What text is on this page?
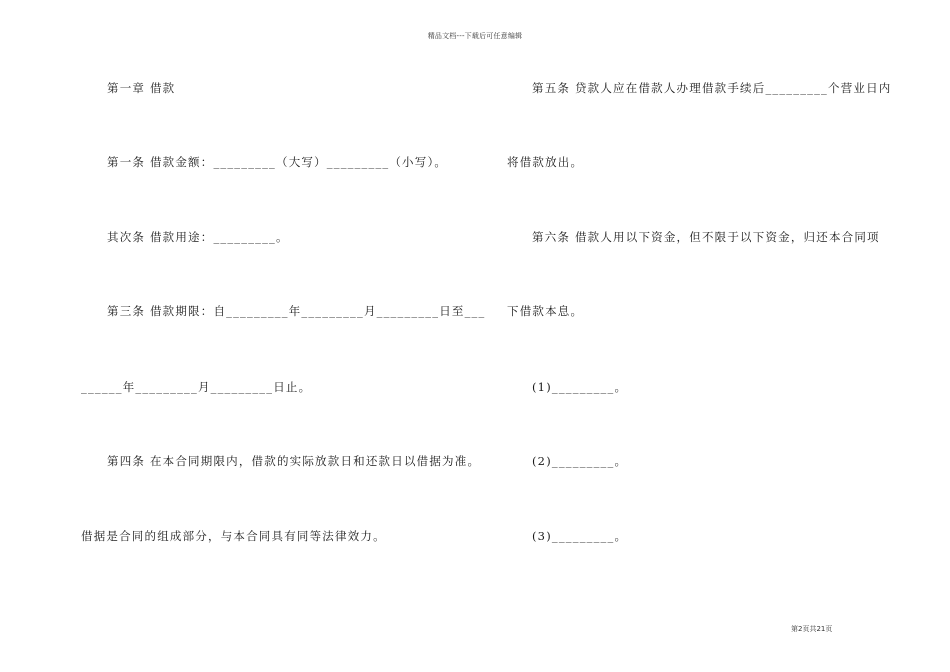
精品文档---下载后可任意编辑
第一章 借款
第一条 借款金额：_________（大写）_________（小写）。
其次条 借款用途：_________。
第三条 借款期限：自_________年_________月_________日至___
______年_________月_________日止。
第四条 在本合同期限内，借款的实际放款日和还款日以借据为准。
借据是合同的组成部分，与本合同具有同等法律效力。
第五条 贷款人应在借款人办理借款手续后_________个营业日内
将借款放出。
第六条 借款人用以下资金，但不限于以下资金，归还本合同项
下借款本息。
(1)_________。
(2)_________。
(3)_________。
第2页共21页
